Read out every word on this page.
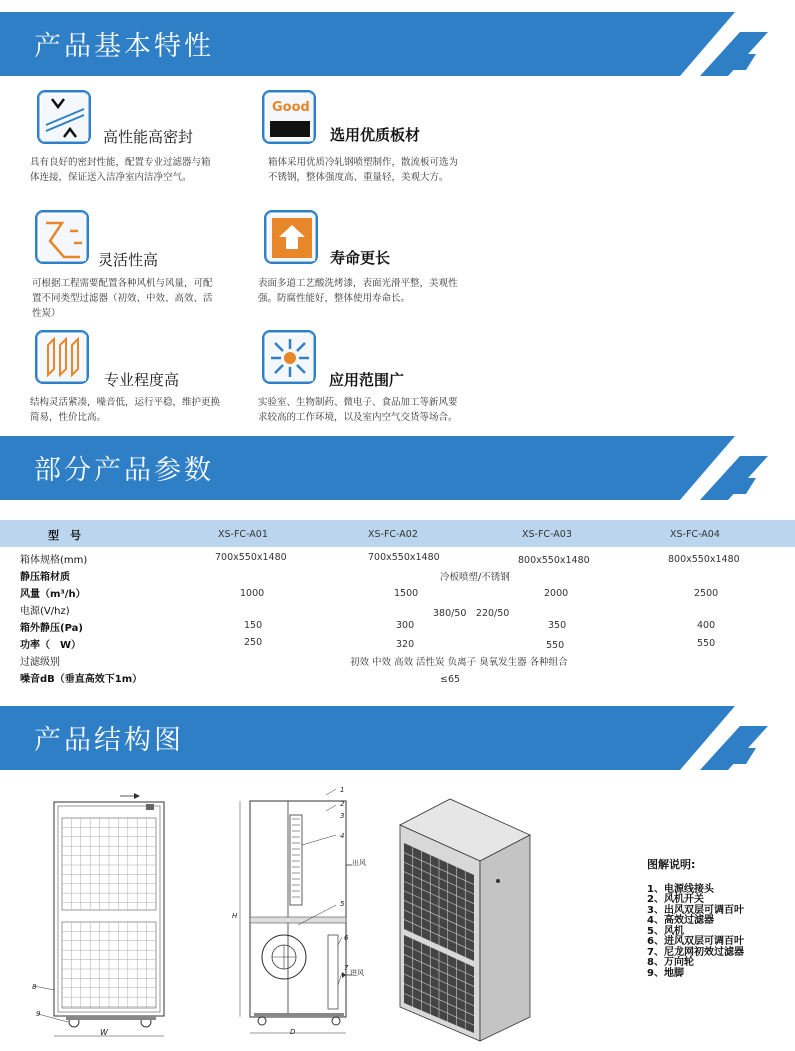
产品基本特性
高性能高密封
具有良好的密封性能，配置专业过滤器与箱
体连接，保证送入洁净室内洁净空气。
Good
选用优质板材
箱体采用优质冷轧钢喷塑制作，散流板可选为
不锈钢，整体强度高、重量轻，美观大方。
灵活性高
可根据工程需要配置各种风机与风量，可配
置不同类型过滤器（初效、中效、高效、活
性炭）
寿命更长
表面多道工艺酸洗烤漆，表面光滑平整，美观性
强。防腐性能好，整体使用寿命长。
专业程度高
结构灵活紧凑，噪音低，运行平稳，维护更换
简易，性价比高。
应用范围广
实验室、生物制药、微电子、食品加工等新风要
求较高的工作环境，以及室内空气交货等场合。
部分产品参数
型　号	XS-FC-A01	XS-FC-A02	XS-FC-A03	XS-FC-A04
箱体规格(mm)	700x550x1480	700x550x1480	800x550x1480	800x550x1480
静压箱材质	冷板喷塑/不锈钢
风量（m³/h）	1000	1500	2000	2500
电源(V/hz)	380/50　220/50
箱外静压(Pa)	150	300	350	400
功率（　W）	250	320	550	550
过滤级别	初效 中效 高效 活性炭 负离子 臭氧发生器 各种组合
噪音dB（垂直高效下1m）	≤65
产品结构图
W
8
9
出风
进风
H
D
1
2
3
4
5
6
7
图解说明:
1、电源线接头
2、风机开关
3、出风双层可调百叶
4、高效过滤器
5、风机
6、进风双层可调百叶
7、尼龙网初效过滤器
8、万向轮
9、地脚
